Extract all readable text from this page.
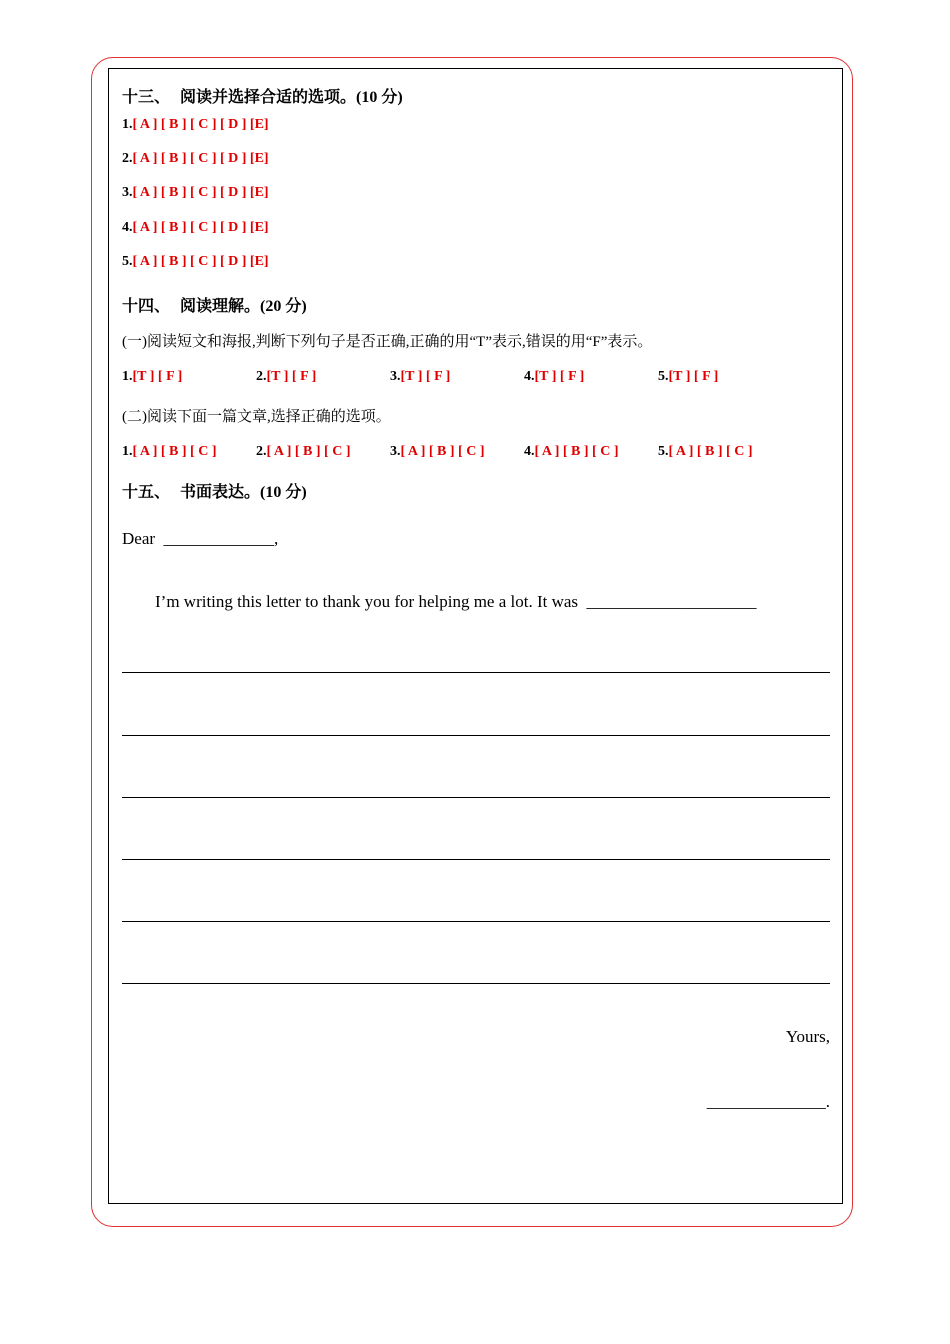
十三、 阅读并选择合适的选项。(10 分)
1.[ A ] [ B ] [ C ] [ D ] [E]
2.[ A ] [ B ] [ C ] [ D ] [E]
3.[ A ] [ B ] [ C ] [ D ] [E]
4.[ A ] [ B ] [ C ] [ D ] [E]
5.[ A ] [ B ] [ C ] [ D ] [E]
十四、 阅读理解。(20 分)
(一)阅读短文和海报,判断下列句子是否正确,正确的用“T”表示,错误的用“F”表示。
1.[T ] [ F ]	2.[T ] [ F ]	3.[T ] [ F ]	4.[T ] [ F ]	5.[T ] [ F ]
(二)阅读下面一篇文章,选择正确的选项。
1.[ A ] [ B ] [ C ]	2.[ A ] [ B ] [ C ]	3.[ A ] [ B ] [ C ]	4.[ A ] [ B ] [ C ]	5.[ A ] [ B ] [ C ]
十五、 书面表达。(10 分)
Dear _____________,
I’m writing this letter to thank you for helping me a lot. It was ____________________
Yours,
______________.
